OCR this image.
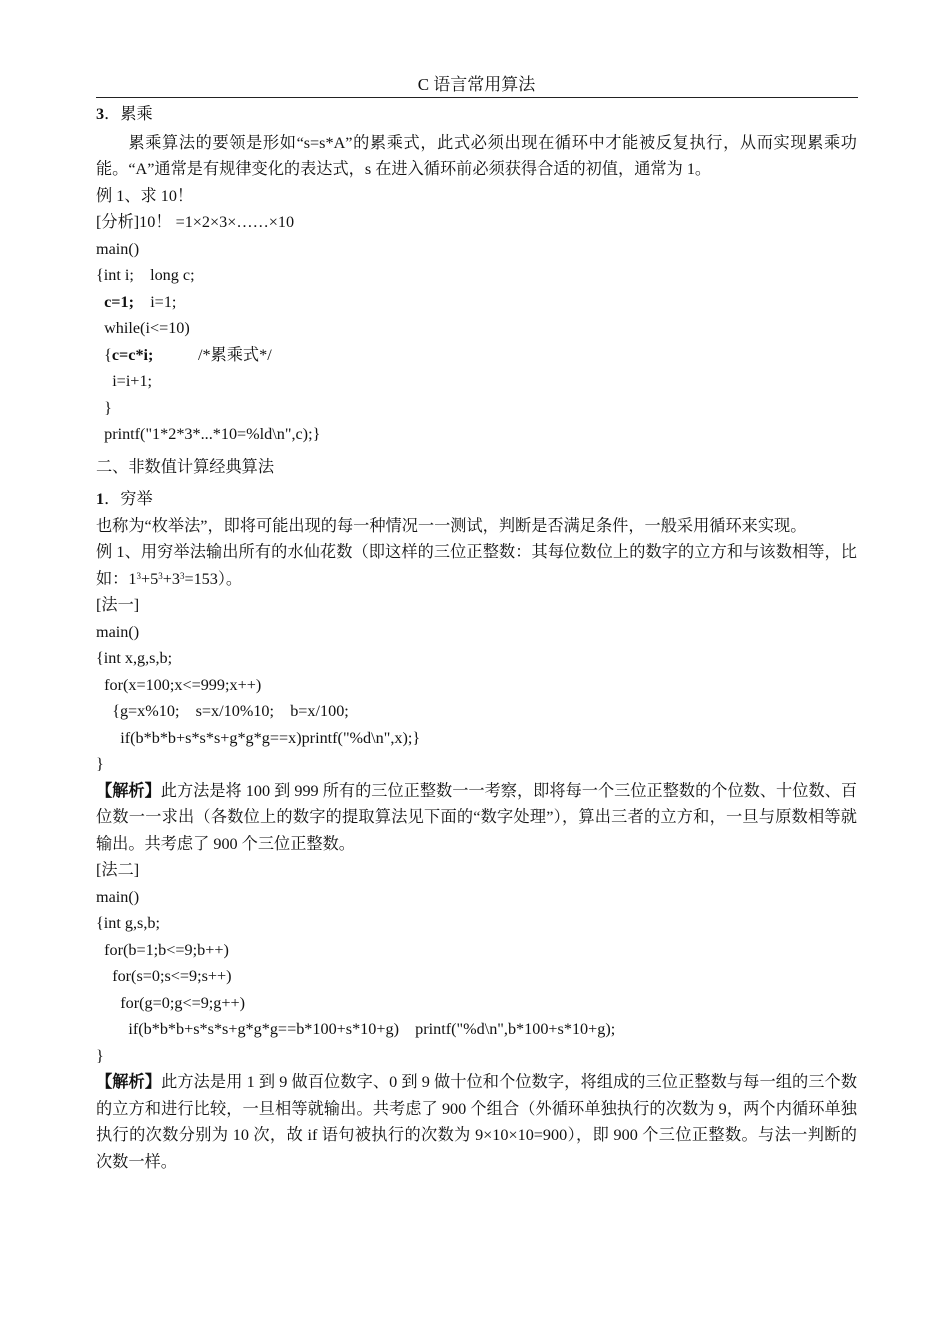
C 语言常用算法
3．累乘
累乘算法的要领是形如“s=s*A”的累乘式，此式必须出现在循环中才能被反复执行，从而实现累乘功能。“A”通常是有规律变化的表达式，s 在进入循环前必须获得合适的初值，通常为 1。
例 1、求 10！
[分析]10！ =1×2×3×……×10
main()
{int i;    long c;
c=1;    i=1;
while(i<=10)
{c=c*i;           /*累乘式*/
i=i+1;
}
printf("1*2*3*...*10=%ld\n",c);}
二、非数值计算经典算法
1．穷举
也称为“枚举法”，即将可能出现的每一种情况一一测试，判断是否满足条件，一般采用循环来实现。
例 1、用穷举法输出所有的水仙花数（即这样的三位正整数：其每位数位上的数字的立方和与该数相等，比如：$1^3+5^3+3^3=153$）。
[法一]
main()
{int x,g,s,b;
for(x=100;x<=999;x++)
{g=x%10;    s=x/10%10;    b=x/100;
if(b*b*b+s*s*s+g*g*g==x)printf("%d\n",x);}
}
【解析】此方法是将 100 到 999 所有的三位正整数一一考察，即将每一个三位正整数的个位数、十位数、百位数一一求出（各数位上的数字的提取算法见下面的“数字处理”），算出三者的立方和，一旦与原数相等就输出。共考虑了 900 个三位正整数。
[法二]
main()
{int g,s,b;
for(b=1;b<=9;b++)
for(s=0;s<=9;s++)
for(g=0;g<=9;g++)
if(b*b*b+s*s*s+g*g*g==b*100+s*10+g)    printf("%d\n",b*100+s*10+g);
}
【解析】此方法是用 1 到 9 做百位数字、0 到 9 做十位和个位数字，将组成的三位正整数与每一组的三个数的立方和进行比较，一旦相等就输出。共考虑了 900 个组合（外循环单独执行的次数为 9，两个内循环单独执行的次数分别为 10 次，故 if 语句被执行的次数为 9×10×10=900），即 900 个三位正整数。与法一判断的次数一样。
